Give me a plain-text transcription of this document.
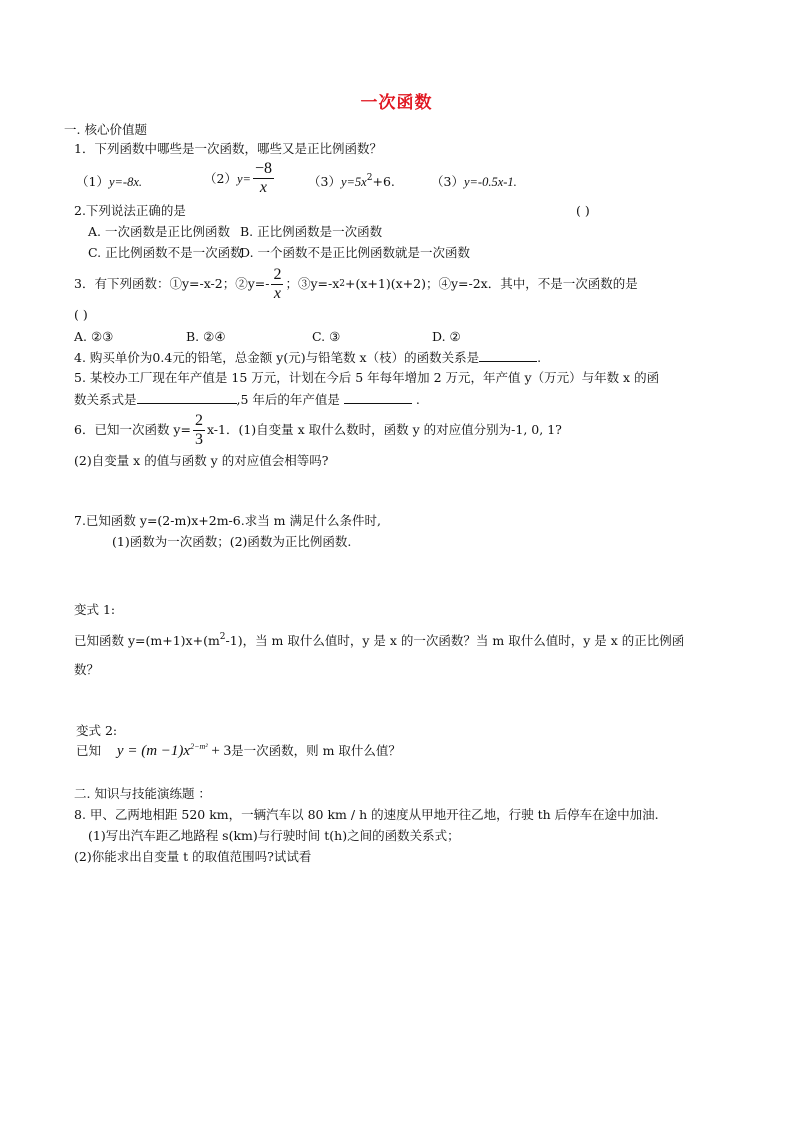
一次函数
一. 核心价值题
1．下列函数中哪些是一次函数，哪些又是正比例函数？
（1）y=-8x.	（2） $y= \frac{-8}{x}$	$(3)y=5x^2+6$.	（3）y=-0.5x-1.
2.下列说法正确的是	( )
A. 一次函数是正比例函数 B. 正比例函数是一次函数
C. 正比例函数不是一次函数
D. 一个函数不是正比例函数就是一次函数
3．有下列函数：①y=-x-2；②y=- $\frac{2}{x}$ ；③y=-x 2 +(x+1)(x+2)；④y=-2x．其中，不是一次函数的是
( )
A. ②③	B. ②④	C. ③	D. ②
4. 购买单价为0.4元的铅笔，总金额 y(元)与铅笔数 x（枝）的函数关系是	.
5. 某校办工厂现在年产值是 15 万元，计划在今后 5 年每年增加 2 万元，年产值 y（万元）与年数 x 的函
数关系式是	,5 年后的年产值是	.
6．已知一次函数 $y= \frac{2}{3} x-1$．(1)自变量 x 取什么数时，函数 y 的对应值分别为-1, 0, 1?
(2)自变量 x 的值与函数 y 的对应值会相等吗?
7.已知函数 y=(2-m)x+2m-6.求当 m 满足什么条件时,
(1)函数为一次函数；(2)函数为正比例函数.
变式 1:
已知函数 $y=(m+1)x+(m^2-1)$，当 m 取什么值时，y 是 x 的一次函数？当 m 取什么值时，y 是 x 的正比例函
数？
变式 2:
已知 $y = (m -1)x^{2-m^2} + 3$是一次函数，则 m 取什么值？
二. 知识与技能演练题 ：
8. 甲、乙两地相距 520 km，一辆汽车以 80 km / h 的速度从甲地开往乙地，行驶 th 后停车在途中加油.
(1)写出汽车距乙地路程 s(km)与行驶时间 t(h)之间的函数关系式；
(2)你能求出自变量 t 的取值范围吗?试试看
